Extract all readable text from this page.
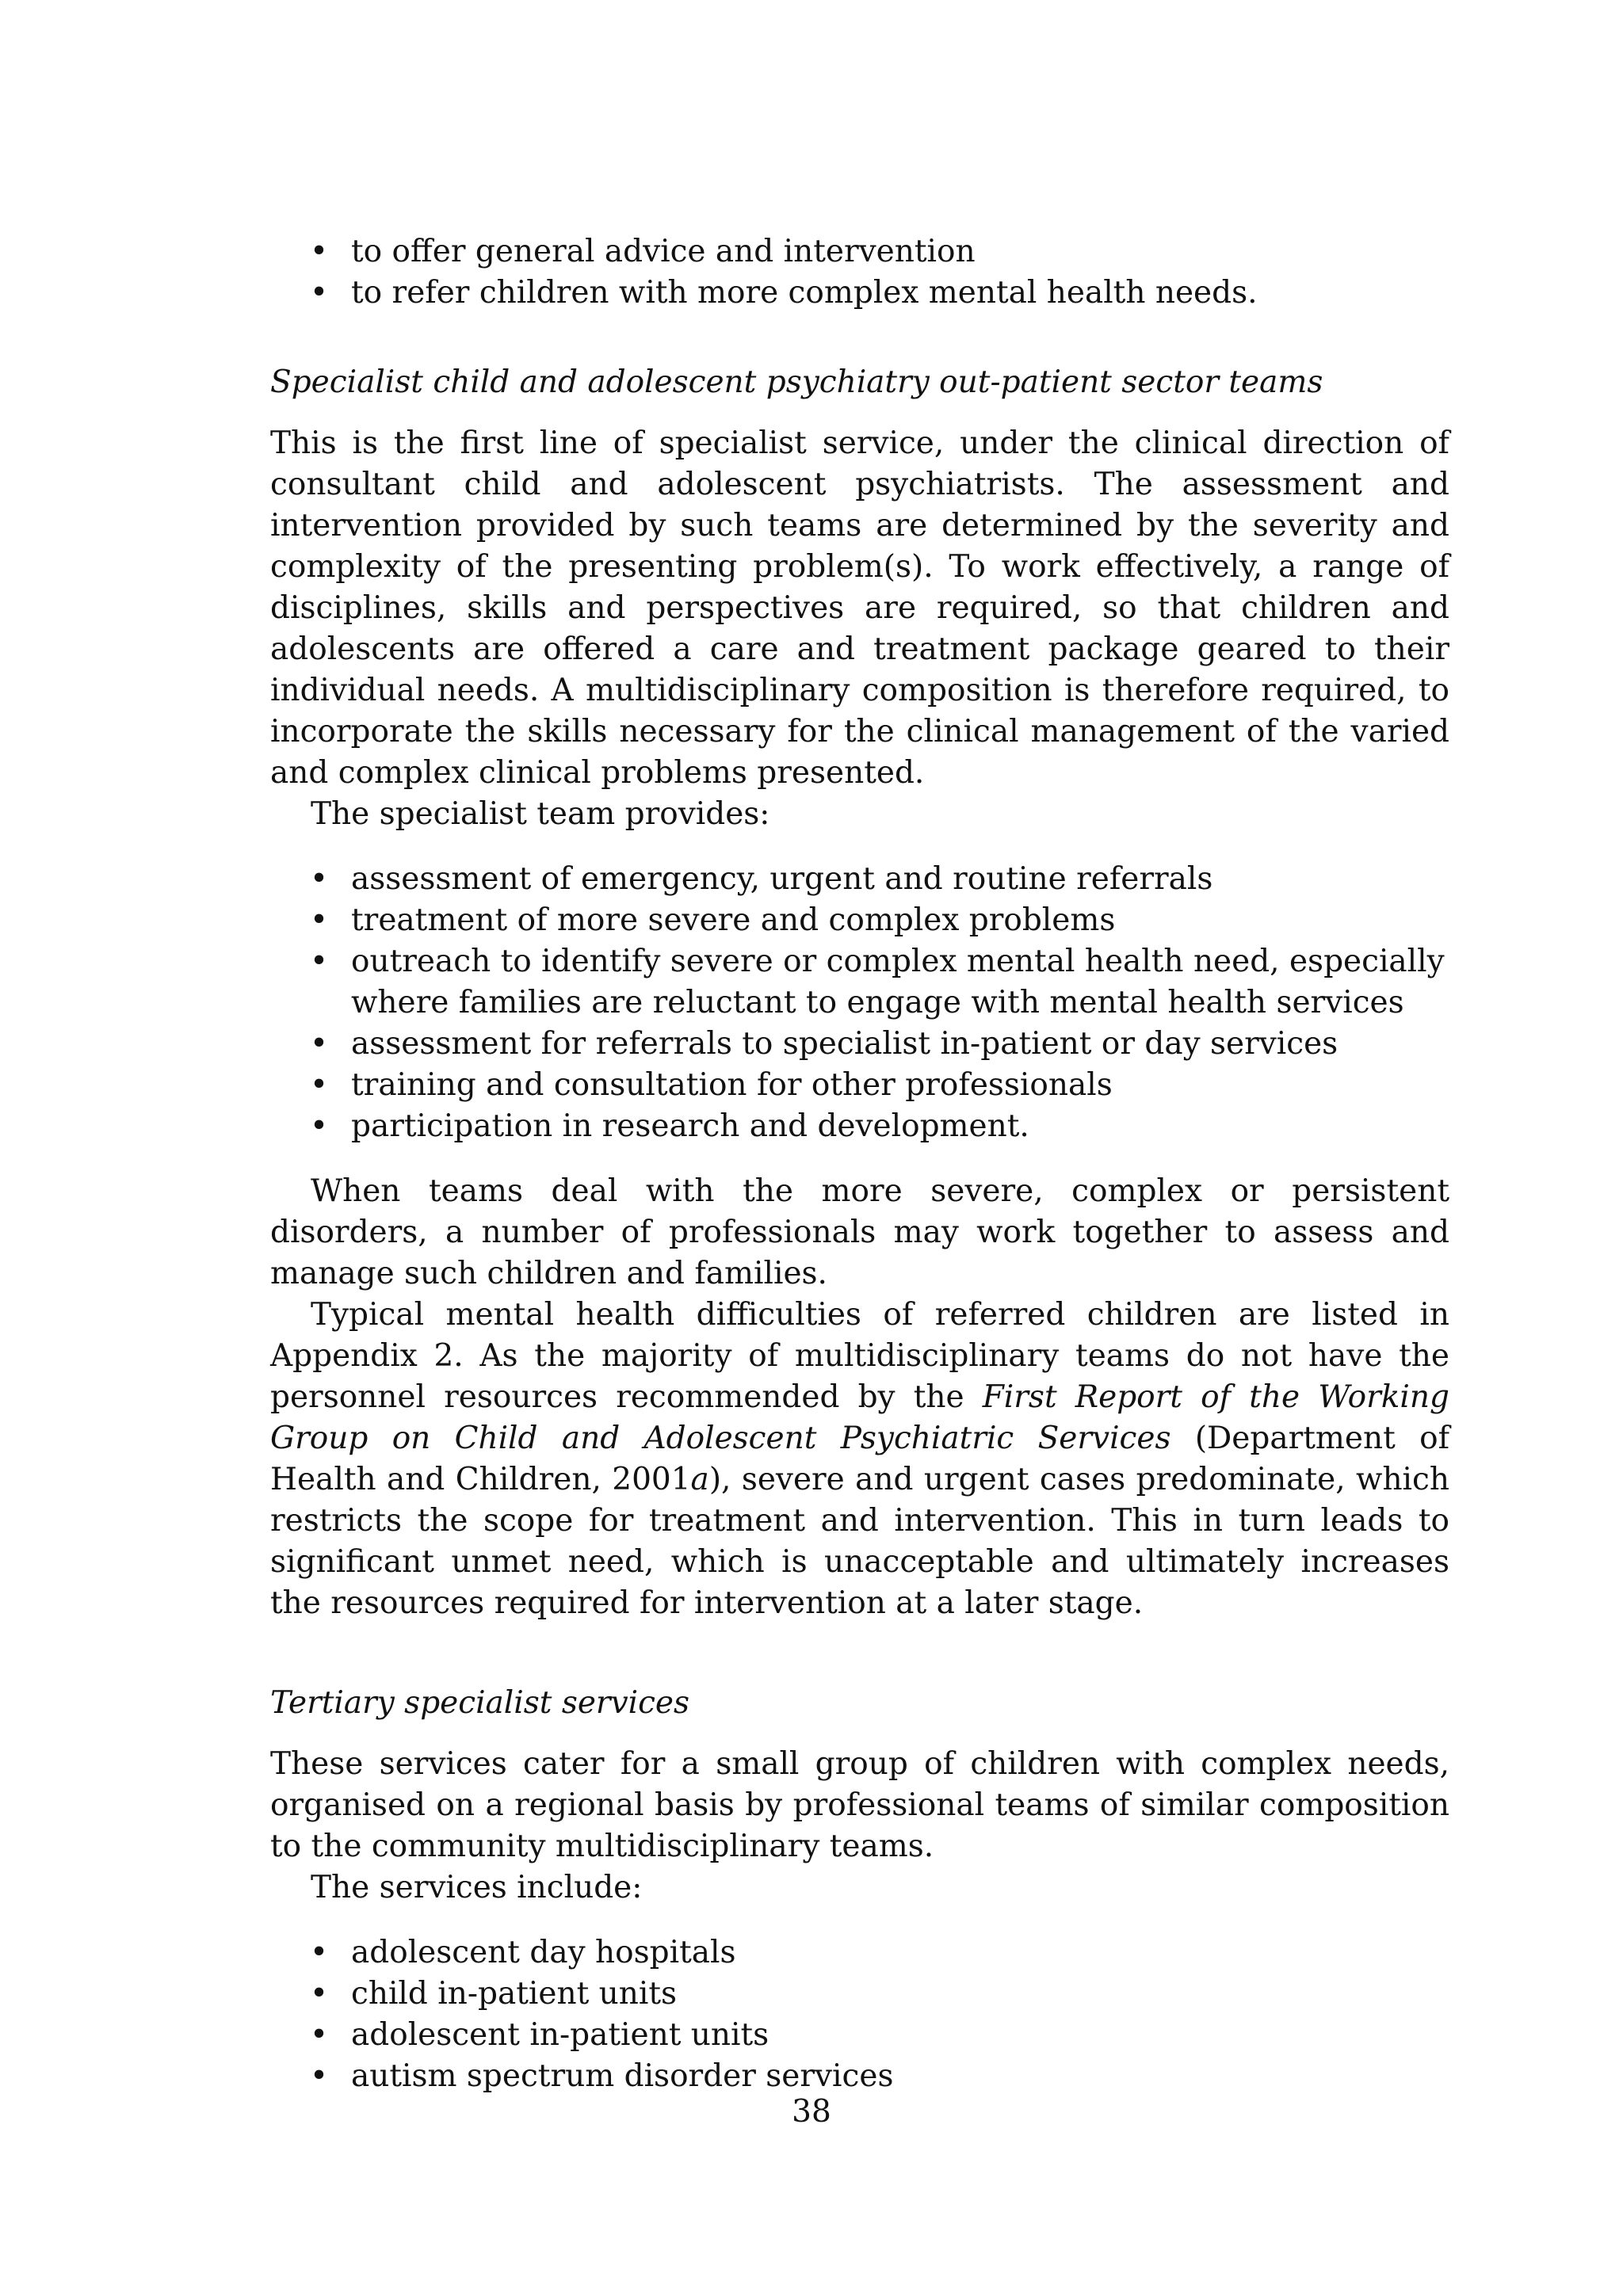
• to offer general advice and intervention
• to refer children with more complex mental health needs.

Specialist child and adolescent psychiatry out-patient sector teams

This is the first line of specialist service, under the clinical direction of consultant child and adolescent psychiatrists. The assessment and intervention provided by such teams are determined by the severity and complexity of the presenting problem(s). To work effectively, a range of disciplines, skills and perspectives are required, so that children and adolescents are offered a care and treatment package geared to their individual needs. A multidisciplinary composition is therefore required, to incorporate the skills necessary for the clinical management of the varied and complex clinical problems presented.

The specialist team provides:

• assessment of emergency, urgent and routine referrals
• treatment of more severe and complex problems
• outreach to identify severe or complex mental health need, especially where families are reluctant to engage with mental health services
• assessment for referrals to specialist in-patient or day services
• training and consultation for other professionals
• participation in research and development.

When teams deal with the more severe, complex or persistent disorders, a number of professionals may work together to assess and manage such children and families.

Typical mental health difficulties of referred children are listed in Appendix 2. As the majority of multidisciplinary teams do not have the personnel resources recommended by the First Report of the Working Group on Child and Adolescent Psychiatric Services (Department of Health and Children, 2001a), severe and urgent cases predominate, which restricts the scope for treatment and intervention. This in turn leads to significant unmet need, which is unacceptable and ultimately increases the resources required for intervention at a later stage.

Tertiary specialist services

These services cater for a small group of children with complex needs, organised on a regional basis by professional teams of similar composition to the community multidisciplinary teams.

The services include:

• adolescent day hospitals
• child in-patient units
• adolescent in-patient units
• autism spectrum disorder services
38
